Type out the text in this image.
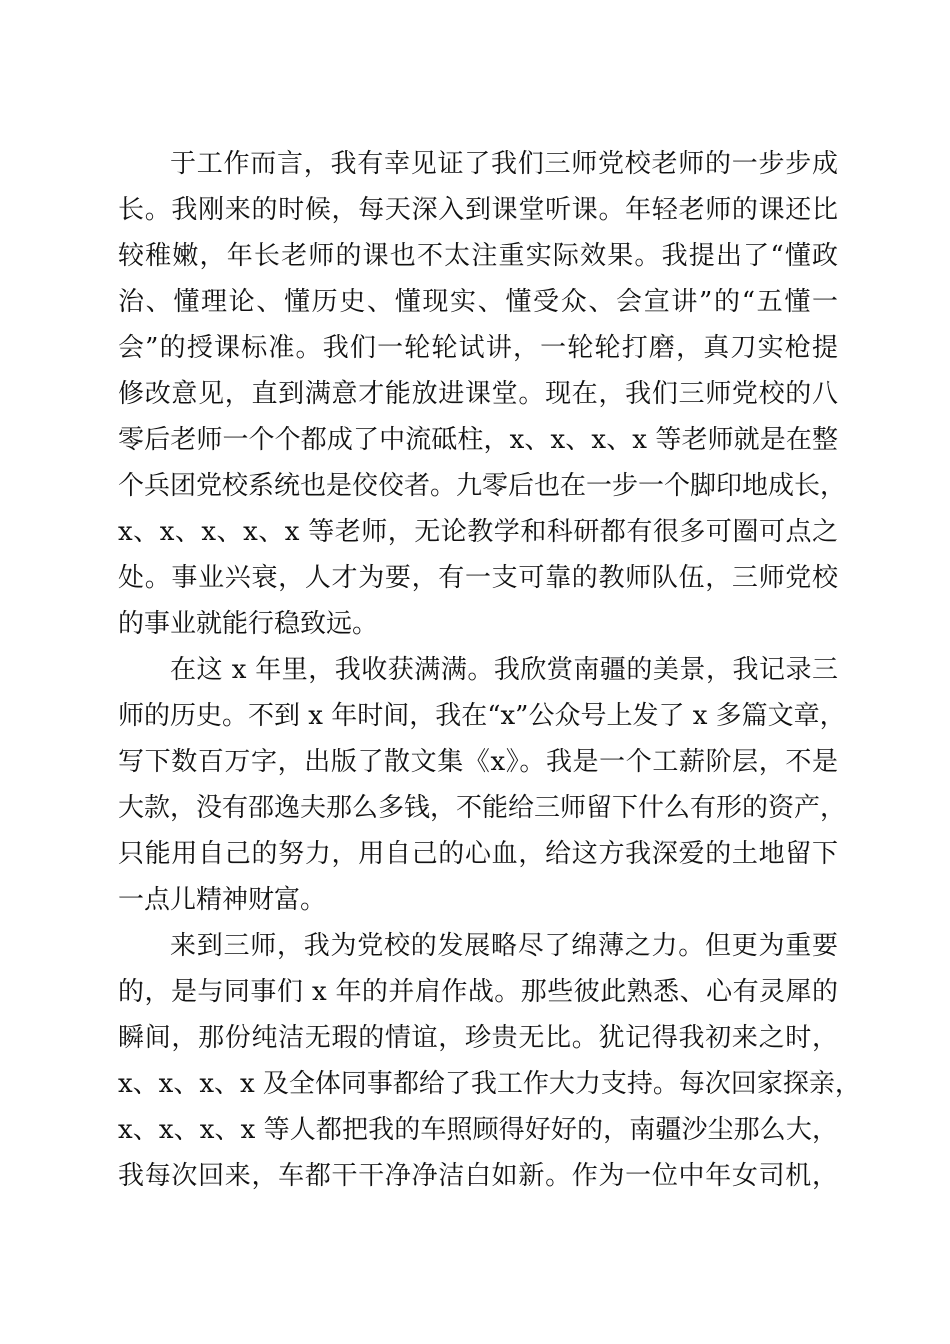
于工作而言，我有幸见证了我们三师党校老师的一步步成
长。我刚来的时候，每天深入到课堂听课。年轻老师的课还比
较稚嫩，年长老师的课也不太注重实际效果。我提出了“懂政
治、懂理论、懂历史、懂现实、懂受众、会宣讲”的“五懂一
会”的授课标准。我们一轮轮试讲，一轮轮打磨，真刀实枪提
修改意见，直到满意才能放进课堂。现在，我们三师党校的八
零后老师一个个都成了中流砥柱，x、x、x、x 等老师就是在整
个兵团党校系统也是佼佼者。九零后也在一步一个脚印地成长，
x、x、x、x、x 等老师，无论教学和科研都有很多可圈可点之
处。事业兴衰，人才为要，有一支可靠的教师队伍，三师党校
的事业就能行稳致远。
在这 x 年里，我收获满满。我欣赏南疆的美景，我记录三
师的历史。不到 x 年时间，我在“x”公众号上发了 x 多篇文章，
写下数百万字，出版了散文集《x》。我是一个工薪阶层，不是
大款，没有邵逸夫那么多钱，不能给三师留下什么有形的资产，
只能用自己的努力，用自己的心血，给这方我深爱的土地留下
一点儿精神财富。
来到三师，我为党校的发展略尽了绵薄之力。但更为重要
的，是与同事们 x 年的并肩作战。那些彼此熟悉、心有灵犀的
瞬间，那份纯洁无瑕的情谊，珍贵无比。犹记得我初来之时，
x、x、x、x 及全体同事都给了我工作大力支持。每次回家探亲，
x、x、x、x 等人都把我的车照顾得好好的，南疆沙尘那么大，
我每次回来，车都干干净净洁白如新。作为一位中年女司机，
